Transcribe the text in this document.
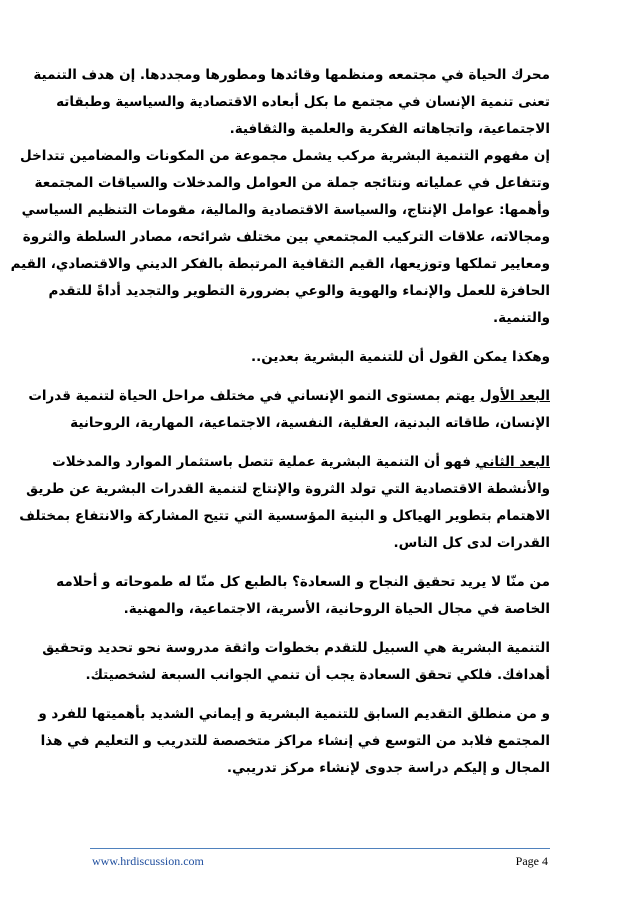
محرك الحياة في مجتمعه ومنظمها وقائدها ومطورها ومجددها. إن هدف التنمية
تعنى تنمية الإنسان في مجتمع ما بكل أبعاده الاقتصادية والسياسية وطبقاته
الاجتماعية، واتجاهاته الفكرية والعلمية والثقافية.

إن مفهوم التنمية البشرية مركب يشمل مجموعة من المكونات والمضامين تتداخل
وتتفاعل في عملياته ونتائجه جملة من العوامل والمدخلات والسياقات المجتمعة
وأهمها: عوامل الإنتاج، والسياسة الاقتصادية والمالية، مقومات التنظيم السياسي
ومجالاته، علاقات التركيب المجتمعي بين مختلف شرائحه، مصادر السلطة والثروة
ومعايير تملكها وتوزيعها، القيم الثقافية المرتبطة بالفكر الديني والاقتصادي، القيم
الحافزة للعمل والإنماء والهوية والوعي بضرورة التطوير والتجديد أداةً للتقدم
والتنمية.

وهكذا يمكن القول أن للتنمية البشرية بعدين..

البعد الأول يهتم بمستوى النمو الإنساني في مختلف مراحل الحياة لتنمية قدرات
الإنسان، طاقاته البدنية، العقلية، النفسية، الاجتماعية، المهارية، الروحانية

البعد الثاني فهو أن التنمية البشرية عملية تتصل باستثمار الموارد والمدخلات
والأنشطة الاقتصادية التي تولد الثروة والإنتاج لتنمية القدرات البشرية عن طريق
الاهتمام بتطوير الهياكل و البنية المؤسسية التي تتيح المشاركة والانتفاع بمختلف
القدرات لدى كل الناس.

من منّا لا يريد تحقيق النجاح و السعادة؟ بالطبع كل منّا له طموحاته و أحلامه
الخاصة في مجال الحياة الروحانية، الأسرية، الاجتماعية، والمهنية.

التنمية البشرية هي السبيل للتقدم بخطوات واثقة مدروسة نحو تحديد وتحقيق
أهدافك. فلكي تحقق السعادة يجب أن تنمي الجوانب السبعة لشخصيتك.

و من منطلق التقديم السابق للتنمية البشرية و إيماني الشديد بأهميتها للفرد و
المجتمع فلابد من التوسع في إنشاء مراكز متخصصة للتدريب و التعليم في هذا
المجال و إليكم دراسة جدوى لإنشاء مركز تدريبي.

www.hrdiscussion.com	Page 4
